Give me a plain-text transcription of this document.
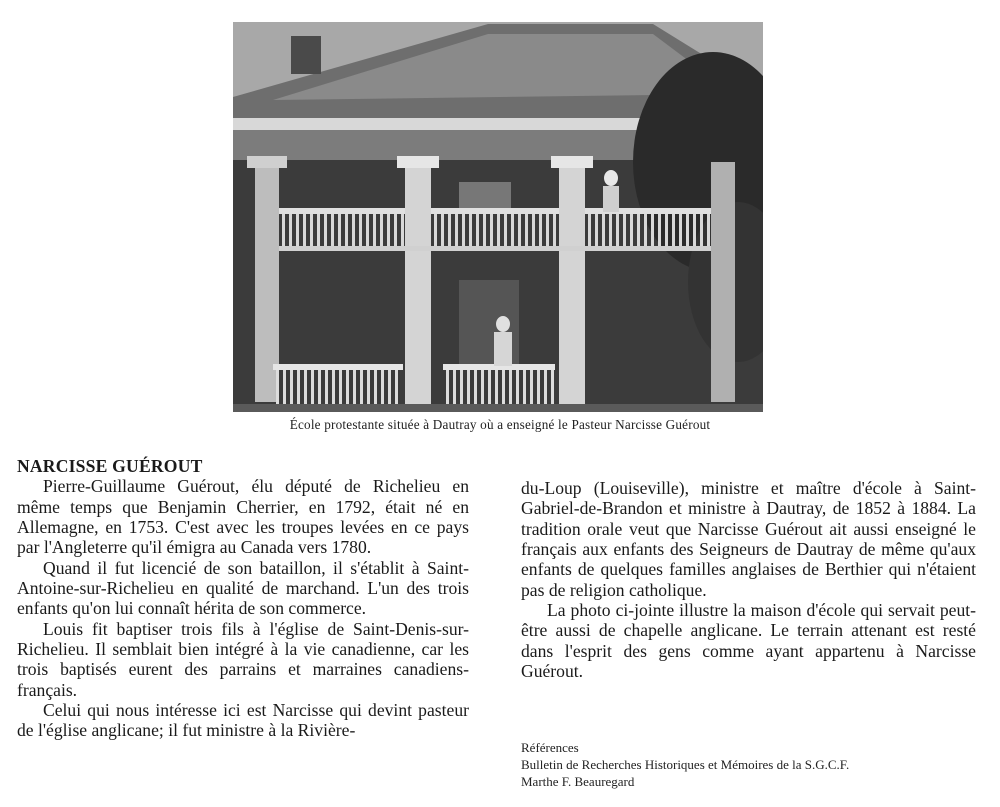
École protestante située à Dautray où a enseigné le Pasteur Narcisse Guérout
NARCISSE GUÉROUT

Pierre-Guillaume Guérout, élu député de Richelieu en même temps que Benjamin Cherrier, en 1792, était né en Allemagne, en 1753. C'est avec les troupes levées en ce pays par l'Angleterre qu'il émigra au Canada vers 1780.

Quand il fut licencié de son bataillon, il s'établit à Saint-Antoine-sur-Richelieu en qualité de marchand. L'un des trois enfants qu'on lui connaît hérita de son commerce.

Louis fit baptiser trois fils à l'église de Saint-Denis-sur-Richelieu. Il semblait bien intégré à la vie canadienne, car les trois baptisés eurent des parrains et marraines canadiens-français.

Celui qui nous intéresse ici est Narcisse qui devint pasteur de l'église anglicane; il fut ministre à la Rivière-

du-Loup (Louiseville), ministre et maître d'école à Saint-Gabriel-de-Brandon et ministre à Dautray, de 1852 à 1884. La tradition orale veut que Narcisse Guérout ait aussi enseigné le français aux enfants des Seigneurs de Dautray de même qu'aux enfants de quelques familles anglaises de Berthier qui n'étaient pas de religion catholique.

La photo ci-jointe illustre la maison d'école qui servait peut-être aussi de chapelle anglicane. Le terrain attenant est resté dans l'esprit des gens comme ayant appartenu à Narcisse Guérout.

Références
Bulletin de Recherches Historiques et Mémoires de la S.G.C.F.
Marthe F. Beauregard
